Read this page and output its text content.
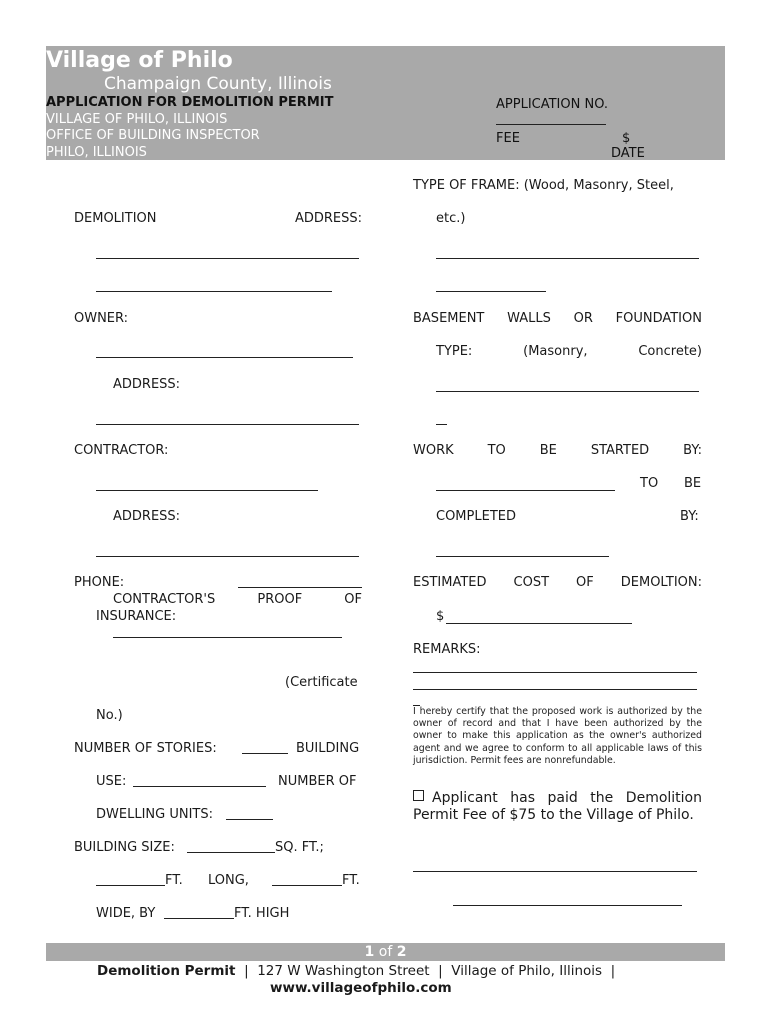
Village of Philo
Champaign County, Illinois
APPLICATION FOR DEMOLITION PERMIT
VILLAGE OF PHILO, ILLINOIS
OFFICE OF BUILDING INSPECTOR
PHILO, ILLINOIS
APPLICATION NO.
FEE	$
DATE
DEMOLITION	ADDRESS:
OWNER:
ADDRESS:
CONTRACTOR:
ADDRESS:
PHONE:
CONTRACTOR'S	PROOF	OF
INSURANCE:
(Certificate
No.)
NUMBER OF STORIES:	BUILDING
USE:	NUMBER OF
DWELLING UNITS:
BUILDING SIZE:	SQ. FT.;
FT. LONG,	FT.
WIDE, BY	FT. HIGH
TYPE OF FRAME: (Wood, Masonry, Steel,
etc.)
BASEMENT WALLS OR FOUNDATION
TYPE:	(Masonry,	Concrete)
WORK	TO	BE	STARTED	BY:
TO BE
COMPLETED	BY:
ESTIMATED COST OF DEMOLTION:
$
REMARKS:
I hereby certify that the proposed work is authorized by the owner of record and that I have been authorized by the owner to make this application as the owner's authorized agent and we agree to conform to all applicable laws of this jurisdiction. Permit fees are nonrefundable.
Applicant has paid the Demolition Permit Fee of $75 to the Village of Philo.
1 of 2
Demolition Permit  |  127 W Washington Street  |  Village of Philo, Illinois  |
www.villageofphilo.com
